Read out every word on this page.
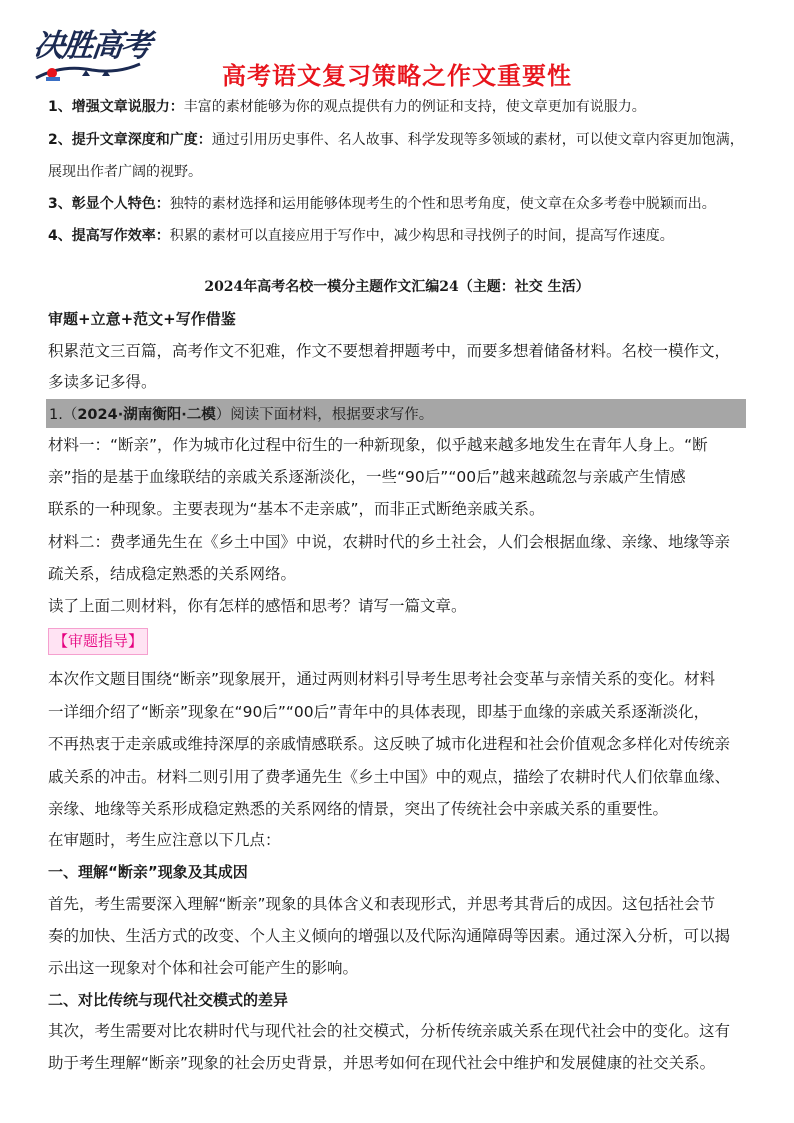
决胜高考
高考语文复习策略之作文重要性
1、增强文章说服力：丰富的素材能够为你的观点提供有力的例证和支持，使文章更加有说服力。
2、提升文章深度和广度：通过引用历史事件、名人故事、科学发现等多领域的素材，可以使文章内容更加饱满，
展现出作者广阔的视野。
3、彰显个人特色：独特的素材选择和运用能够体现考生的个性和思考角度，使文章在众多考卷中脱颖而出。
4、提高写作效率：积累的素材可以直接应用于写作中，减少构思和寻找例子的时间，提高写作速度。
2024年高考名校一模分主题作文汇编24（主题：社交 生活）
审题+立意+范文+写作借鉴
积累范文三百篇，高考作文不犯难，作文不要想着押题考中，而要多想着储备材料。名校一模作文，
多读多记多得。
1.（2024·湖南衡阳·二模）阅读下面材料，根据要求写作。
材料一：“断亲”，作为城市化过程中衍生的一种新现象，似乎越来越多地发生在青年人身上。“断
亲”指的是基于血缘联结的亲戚关系逐渐淡化，一些“90后”“00后”越来越疏忽与亲戚产生情感
联系的一种现象。主要表现为“基本不走亲戚”，而非正式断绝亲戚关系。
材料二：费孝通先生在《乡土中国》中说，农耕时代的乡土社会，人们会根据血缘、亲缘、地缘等亲
疏关系，结成稳定熟悉的关系网络。
读了上面二则材料，你有怎样的感悟和思考？请写一篇文章。
【审题指导】
本次作文题目围绕“断亲”现象展开，通过两则材料引导考生思考社会变革与亲情关系的变化。材料
一详细介绍了“断亲”现象在“90后”“00后”青年中的具体表现，即基于血缘的亲戚关系逐渐淡化，
不再热衷于走亲戚或维持深厚的亲戚情感联系。这反映了城市化进程和社会价值观念多样化对传统亲
戚关系的冲击。材料二则引用了费孝通先生《乡土中国》中的观点，描绘了农耕时代人们依靠血缘、
亲缘、地缘等关系形成稳定熟悉的关系网络的情景，突出了传统社会中亲戚关系的重要性。
在审题时，考生应注意以下几点：
一、理解“断亲”现象及其成因
首先，考生需要深入理解“断亲”现象的具体含义和表现形式，并思考其背后的成因。这包括社会节
奏的加快、生活方式的改变、个人主义倾向的增强以及代际沟通障碍等因素。通过深入分析，可以揭
示出这一现象对个体和社会可能产生的影响。
二、对比传统与现代社交模式的差异
其次，考生需要对比农耕时代与现代社会的社交模式，分析传统亲戚关系在现代社会中的变化。这有
助于考生理解“断亲”现象的社会历史背景，并思考如何在现代社会中维护和发展健康的社交关系。
